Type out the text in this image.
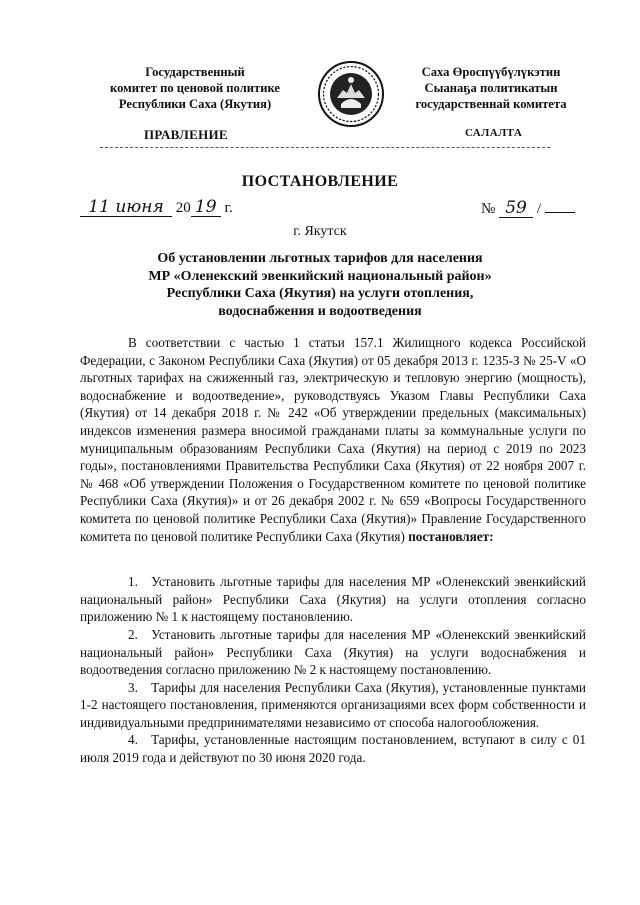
Государственный
комитет по ценовой политике
Республики Саха (Якутия)
Саха Өроспүүбүлүкэтин
Сыанаҕа политикатын
государственнай комитета
ПРАВЛЕНИЕ	САЛАЛТА
ПОСТАНОВЛЕНИЕ
11 июня 20 19 г.	№ 59 /
г. Якутск
Об установлении льготных тарифов для населения
МР «Оленекский эвенкийский национальный район»
Республики Саха (Якутия) на услуги отопления,
водоснабжения и водоотведения

В соответствии с частью 1 статьи 157.1 Жилищного кодекса Российской Федерации, с Законом Республики Саха (Якутия) от 05 декабря 2013 г. 1235-З № 25-V «О льготных тарифах на сжиженный газ, электрическую и тепловую энергию (мощность), водоснабжение и водоотведение», руководствуясь Указом Главы Республики Саха (Якутия) от 14 декабря 2018 г. № 242 «Об утверждении предельных (максимальных) индексов изменения размера вносимой гражданами платы за коммунальные услуги по муниципальным образованиям Республики Саха (Якутия) на период с 2019 по 2023 годы», постановлениями Правительства Республики Саха (Якутия) от 22 ноября 2007 г. № 468 «Об утверждении Положения о Государственном комитете по ценовой политике Республики Саха (Якутия)» и от 26 декабря 2002 г. № 659 «Вопросы Государственного комитета по ценовой политике Республики Саха (Якутия)» Правление Государственного комитета по ценовой политике Республики Саха (Якутия) постановляет:

1. Установить льготные тарифы для населения МР «Оленекский эвенкийский национальный район» Республики Саха (Якутия) на услуги отопления согласно приложению № 1 к настоящему постановлению.

2. Установить льготные тарифы для населения МР «Оленекский эвенкийский национальный район» Республики Саха (Якутия) на услуги водоснабжения и водоотведения согласно приложению № 2 к настоящему постановлению.

3. Тарифы для населения Республики Саха (Якутия), установленные пунктами 1-2 настоящего постановления, применяются организациями всех форм собственности и индивидуальными предпринимателями независимо от способа налогообложения.

4. Тарифы, установленные настоящим постановлением, вступают в силу с 01 июля 2019 года и действуют по 30 июня 2020 года.
